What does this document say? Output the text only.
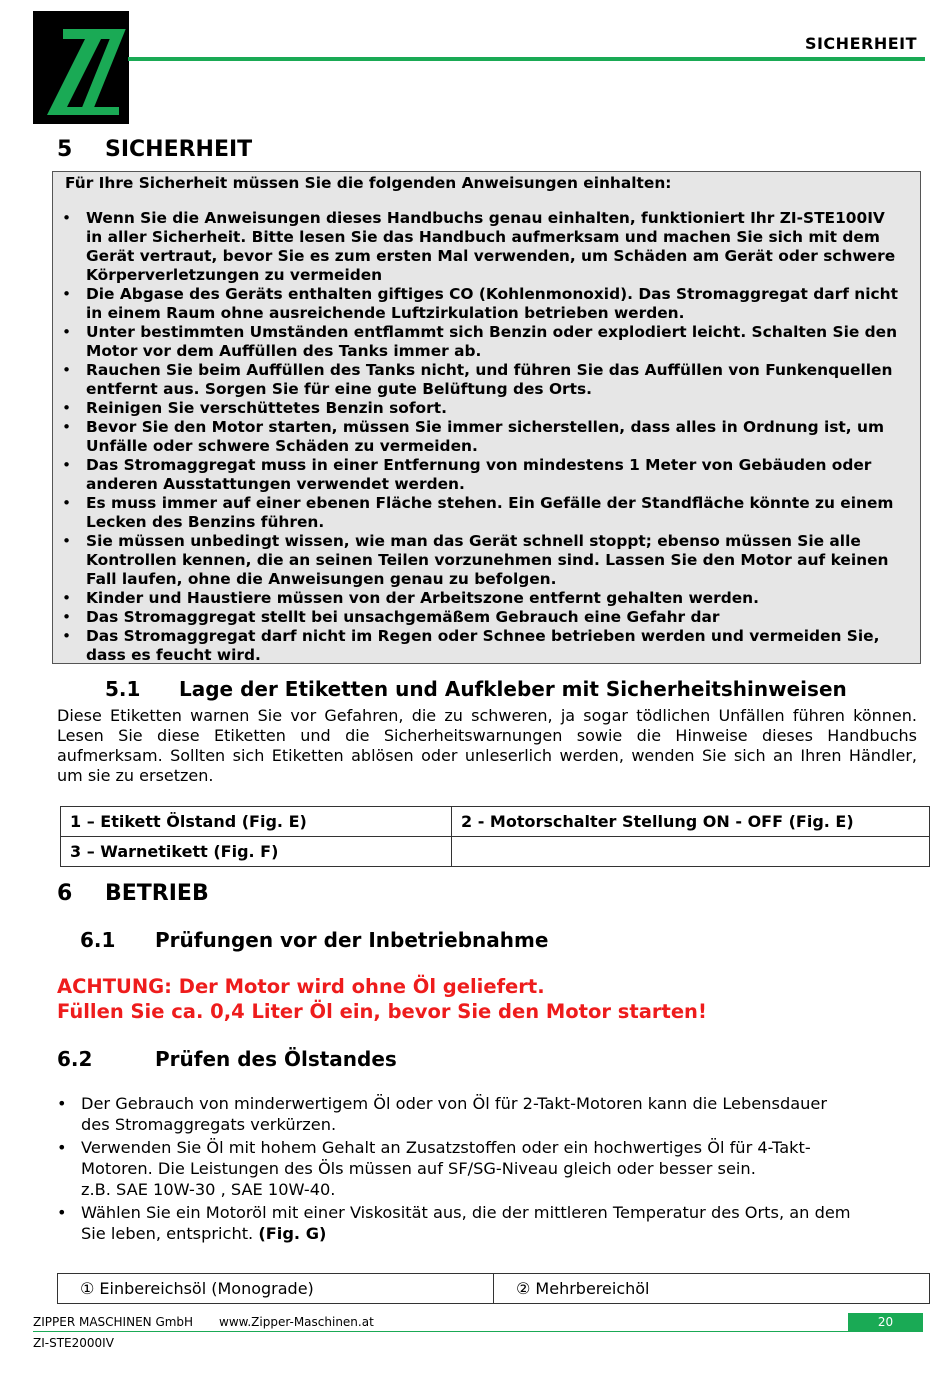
SICHERHEIT
5 SICHERHEIT
Für Ihre Sicherheit müssen Sie die folgenden Anweisungen einhalten:
• Wenn Sie die Anweisungen dieses Handbuchs genau einhalten, funktioniert Ihr ZI-STE100IV
in aller Sicherheit. Bitte lesen Sie das Handbuch aufmerksam und machen Sie sich mit dem
Gerät vertraut, bevor Sie es zum ersten Mal verwenden, um Schäden am Gerät oder schwere
Körperverletzungen zu vermeiden
• Die Abgase des Geräts enthalten giftiges CO (Kohlenmonoxid). Das Stromaggregat darf nicht
in einem Raum ohne ausreichende Luftzirkulation betrieben werden.
• Unter bestimmten Umständen entflammt sich Benzin oder explodiert leicht. Schalten Sie den
Motor vor dem Auffüllen des Tanks immer ab.
• Rauchen Sie beim Auffüllen des Tanks nicht, und führen Sie das Auffüllen von Funkenquellen
entfernt aus. Sorgen Sie für eine gute Belüftung des Orts.
• Reinigen Sie verschüttetes Benzin sofort.
• Bevor Sie den Motor starten, müssen Sie immer sicherstellen, dass alles in Ordnung ist, um
Unfälle oder schwere Schäden zu vermeiden.
• Das Stromaggregat muss in einer Entfernung von mindestens 1 Meter von Gebäuden oder
anderen Ausstattungen verwendet werden.
• Es muss immer auf einer ebenen Fläche stehen. Ein Gefälle der Standfläche könnte zu einem
Lecken des Benzins führen.
• Sie müssen unbedingt wissen, wie man das Gerät schnell stoppt; ebenso müssen Sie alle
Kontrollen kennen, die an seinen Teilen vorzunehmen sind. Lassen Sie den Motor auf keinen
Fall laufen, ohne die Anweisungen genau zu befolgen.
• Kinder und Haustiere müssen von der Arbeitszone entfernt gehalten werden.
• Das Stromaggregat stellt bei unsachgemäßem Gebrauch eine Gefahr dar
• Das Stromaggregat darf nicht im Regen oder Schnee betrieben werden und vermeiden Sie,
dass es feucht wird.
5.1 Lage der Etiketten und Aufkleber mit Sicherheitshinweisen
Diese Etiketten warnen Sie vor Gefahren, die zu schweren, ja sogar tödlichen Unfällen führen können. Lesen Sie diese Etiketten und die Sicherheitswarnungen sowie die Hinweise dieses Handbuchs aufmerksam. Sollten sich Etiketten ablösen oder unleserlich werden, wenden Sie sich an Ihren Händler, um sie zu ersetzen.
1 – Etikett Ölstand (Fig. E)	2 - Motorschalter Stellung ON - OFF (Fig. E)
3 – Warnetikett (Fig. F)	
6 BETRIEB
6.1 Prüfungen vor der Inbetriebnahme
ACHTUNG: Der Motor wird ohne Öl geliefert.
Füllen Sie ca. 0,4 Liter Öl ein, bevor Sie den Motor starten!
6.2	Prüfen des Ölstandes
• Der Gebrauch von minderwertigem Öl oder von Öl für 2-Takt-Motoren kann die Lebensdauer
des Stromaggregats verkürzen.
• Verwenden Sie Öl mit hohem Gehalt an Zusatzstoffen oder ein hochwertiges Öl für 4-Takt-
Motoren. Die Leistungen des Öls müssen auf SF/SG-Niveau gleich oder besser sein.
z.B. SAE 10W-30 , SAE 10W-40.
• Wählen Sie ein Motoröl mit einer Viskosität aus, die der mittleren Temperatur des Orts, an dem
Sie leben, entspricht. (Fig. G)
① Einbereichsöl (Monograde)	② Mehrbereichöl
ZIPPER MASCHINEN GmbH www.Zipper-Maschinen.at	20
ZI-STE2000IV
